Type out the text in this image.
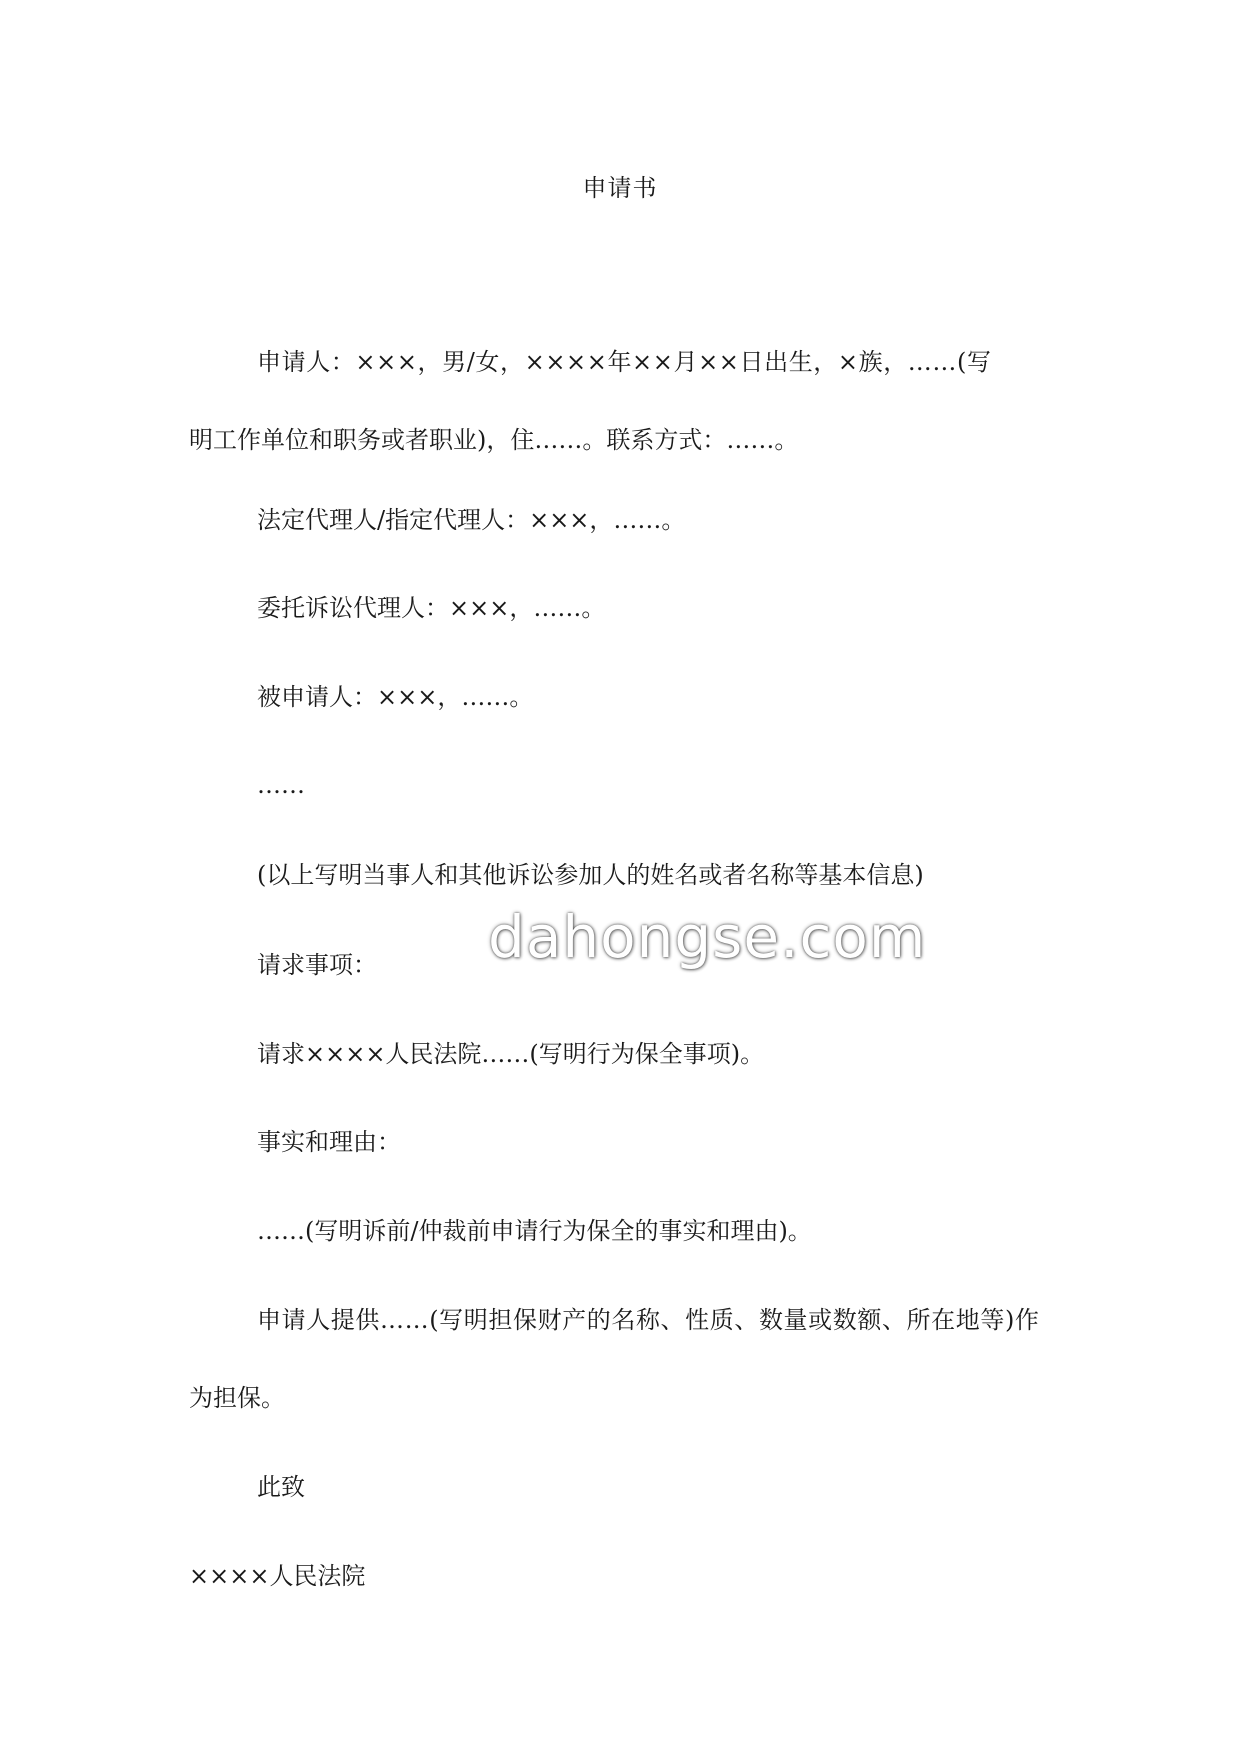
申请书

申请人：×××，男/女，××××年××月××日出生，×族，……(写

明工作单位和职务或者职业)，住……。联系方式：……。

法定代理人/指定代理人：×××，……。

委托诉讼代理人：×××，……。

被申请人：×××，……。

……

(以上写明当事人和其他诉讼参加人的姓名或者名称等基本信息)

请求事项：

请求××××人民法院……(写明行为保全事项)。

事实和理由：

……(写明诉前/仲裁前申请行为保全的事实和理由)。

申请人提供……(写明担保财产的名称、性质、数量或数额、所在地等)作

为担保。

此致

××××人民法院

dahongse.com
